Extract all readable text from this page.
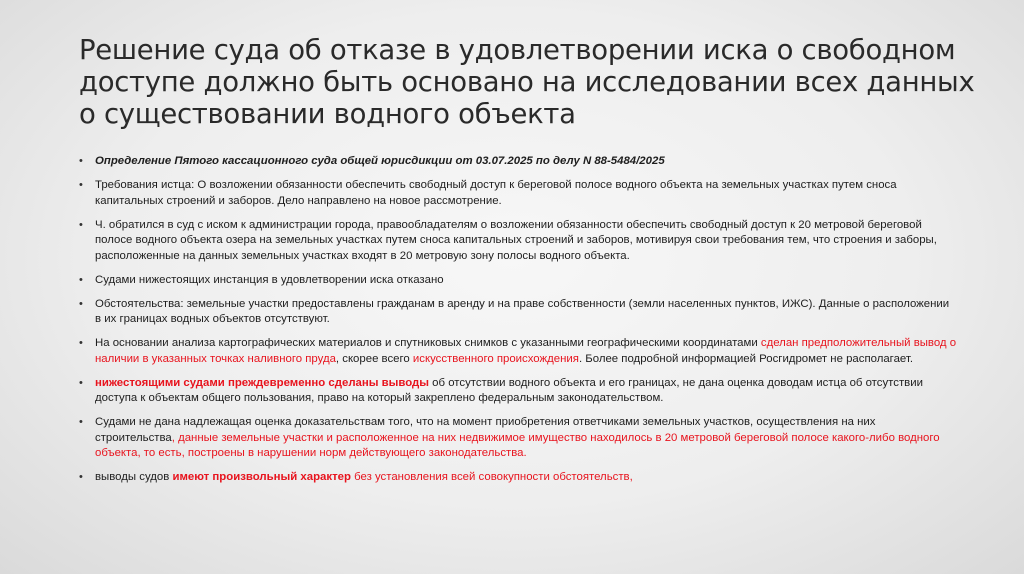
Решение суда об отказе в удовлетворении иска о свободном доступе должно быть основано на исследовании всех данных о существовании водного объекта
• Определение Пятого кассационного суда общей юрисдикции от 03.07.2025 по делу N 88-5484/2025
• Требования истца: О возложении обязанности обеспечить свободный доступ к береговой полосе водного объекта на земельных участках путем сноса капитальных строений и заборов. Дело направлено на новое рассмотрение.
• Ч. обратился в суд с иском к администрации города, правообладателям о возложении обязанности обеспечить свободный доступ к 20 метровой береговой полосе водного объекта озера на земельных участках путем сноса капитальных строений и заборов, мотивируя свои требования тем, что строения и заборы, расположенные на данных земельных участках входят в 20 метровую зону полосы водного объекта.
• Судами нижестоящих инстанция в удовлетворении иска отказано
• Обстоятельства: земельные участки предоставлены гражданам в аренду и на праве собственности (земли населенных пунктов, ИЖС). Данные о расположении в их границах водных объектов отсутствуют.
• На основании анализа картографических материалов и спутниковых снимков с указанными географическими координатами сделан предположительный вывод о наличии в указанных точках наливного пруда, скорее всего искусственного происхождения. Более подробной информацией Росгидромет не располагает.
• нижестоящими судами преждевременно сделаны выводы об отсутствии водного объекта и его границах, не дана оценка доводам истца об отсутствии доступа к объектам общего пользования, право на который закреплено федеральным законодательством.
• Судами не дана надлежащая оценка доказательствам того, что на момент приобретения ответчиками земельных участков, осуществления на них строительства, данные земельные участки и расположенное на них недвижимое имущество находилось в 20 метровой береговой полосе какого-либо водного объекта, то есть, построены в нарушении норм действующего законодательства.
• выводы судов имеют произвольный характер без установления всей совокупности обстоятельств,
